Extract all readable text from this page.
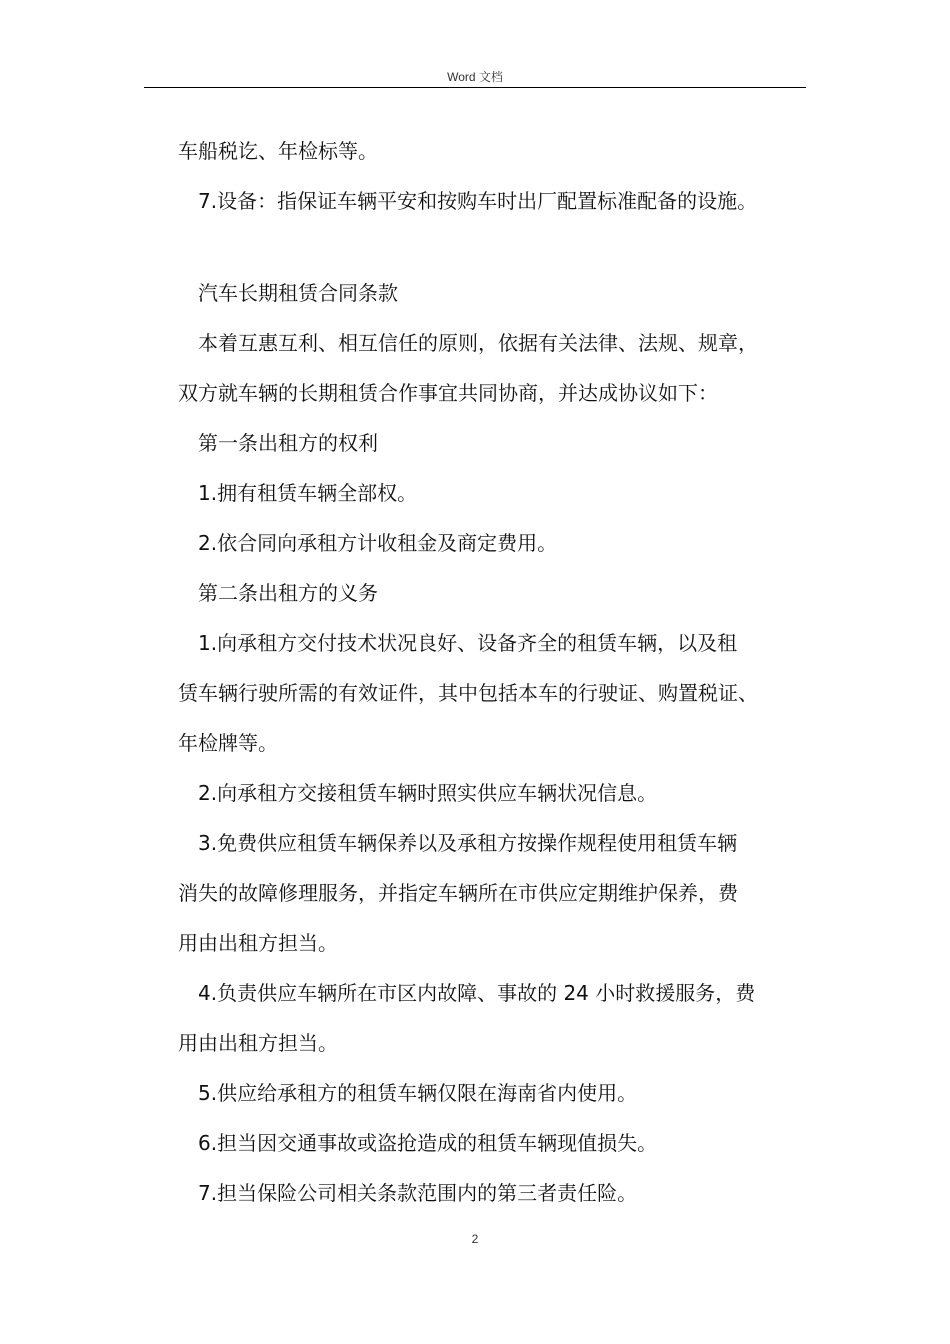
Word 文档
车船税讫、年检标等。
7.设备：指保证车辆平安和按购车时出厂配置标准配备的设施。
汽车长期租赁合同条款
本着互惠互利、相互信任的原则，依据有关法律、法规、规章，
双方就车辆的长期租赁合作事宜共同协商，并达成协议如下：
第一条出租方的权利
1.拥有租赁车辆全部权。
2.依合同向承租方计收租金及商定费用。
第二条出租方的义务
1.向承租方交付技术状况良好、设备齐全的租赁车辆，以及租
赁车辆行驶所需的有效证件，其中包括本车的行驶证、购置税证、
年检牌等。
2.向承租方交接租赁车辆时照实供应车辆状况信息。
3.免费供应租赁车辆保养以及承租方按操作规程使用租赁车辆
消失的故障修理服务，并指定车辆所在市供应定期维护保养，费
用由出租方担当。
4.负责供应车辆所在市区内故障、事故的 24 小时救援服务，费
用由出租方担当。
5.供应给承租方的租赁车辆仅限在海南省内使用。
6.担当因交通事故或盗抢造成的租赁车辆现值损失。
7.担当保险公司相关条款范围内的第三者责任险。
2
